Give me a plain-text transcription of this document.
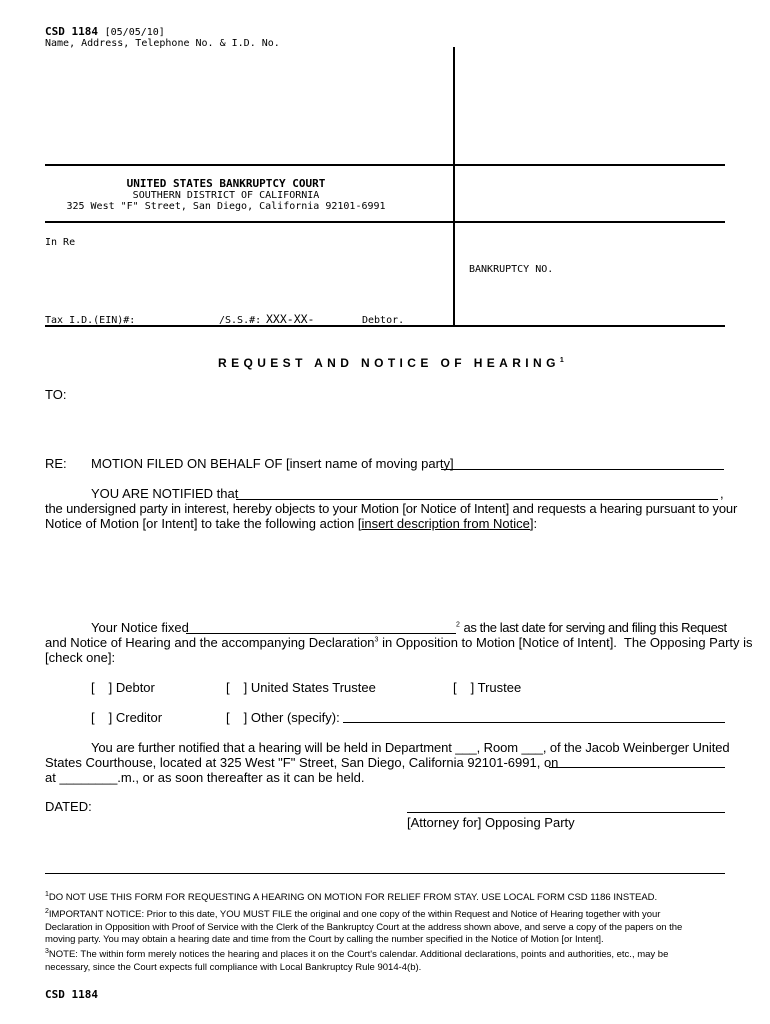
CSD 1184 [05/05/10]
Name, Address, Telephone No. & I.D. No.
UNITED STATES BANKRUPTCY COURT
SOUTHERN DISTRICT OF CALIFORNIA
325 West "F" Street, San Diego, California 92101-6991
In Re
BANKRUPTCY NO.
Tax I.D.(EIN)#:	/S.S.#: XXX-XX-	Debtor.
REQUEST AND NOTICE OF HEARING$^1$
TO:
RE: MOTION FILED ON BEHALF OF [insert name of moving party]
YOU ARE NOTIFIED that	,
the undersigned party in interest, hereby objects to your Motion [or Notice of Intent] and requests a hearing pursuant to your
Notice of Motion [or Intent] to take the following action [insert description from Notice]:
Your Notice fixed	$^2$ as the last date for serving and filing this Request
and Notice of Hearing and the accompanying Declaration$^3$ in Opposition to Motion [Notice of Intent].  The Opposing Party is
[check one]:
[ ] Debtor	[ ] United States Trustee	[ ] Trustee
[ ] Creditor	[ ] Other (specify):
You are further notified that a hearing will be held in Department ___, Room ___, of the Jacob Weinberger United
States Courthouse, located at 325 West "F" Street, San Diego, California 92101-6991, on
at ________.m., or as soon thereafter as it can be held.
DATED:
[Attorney for] Opposing Party
$^1$DO NOT USE THIS FORM FOR REQUESTING A HEARING ON MOTION FOR RELIEF FROM STAY. USE LOCAL FORM CSD 1186 INSTEAD.
$^2$IMPORTANT NOTICE: Prior to this date, YOU MUST FILE the original and one copy of the within Request and Notice of Hearing together with your
Declaration in Opposition with Proof of Service with the Clerk of the Bankruptcy Court at the address shown above, and serve a copy of the papers on the
moving party. You may obtain a hearing date and time from the Court by calling the number specified in the Notice of Motion [or Intent].
$^3$NOTE: The within form merely notices the hearing and places it on the Court's calendar. Additional declarations, points and authorities, etc., may be
necessary, since the Court expects full compliance with Local Bankruptcy Rule 9014-4(b).
CSD 1184
